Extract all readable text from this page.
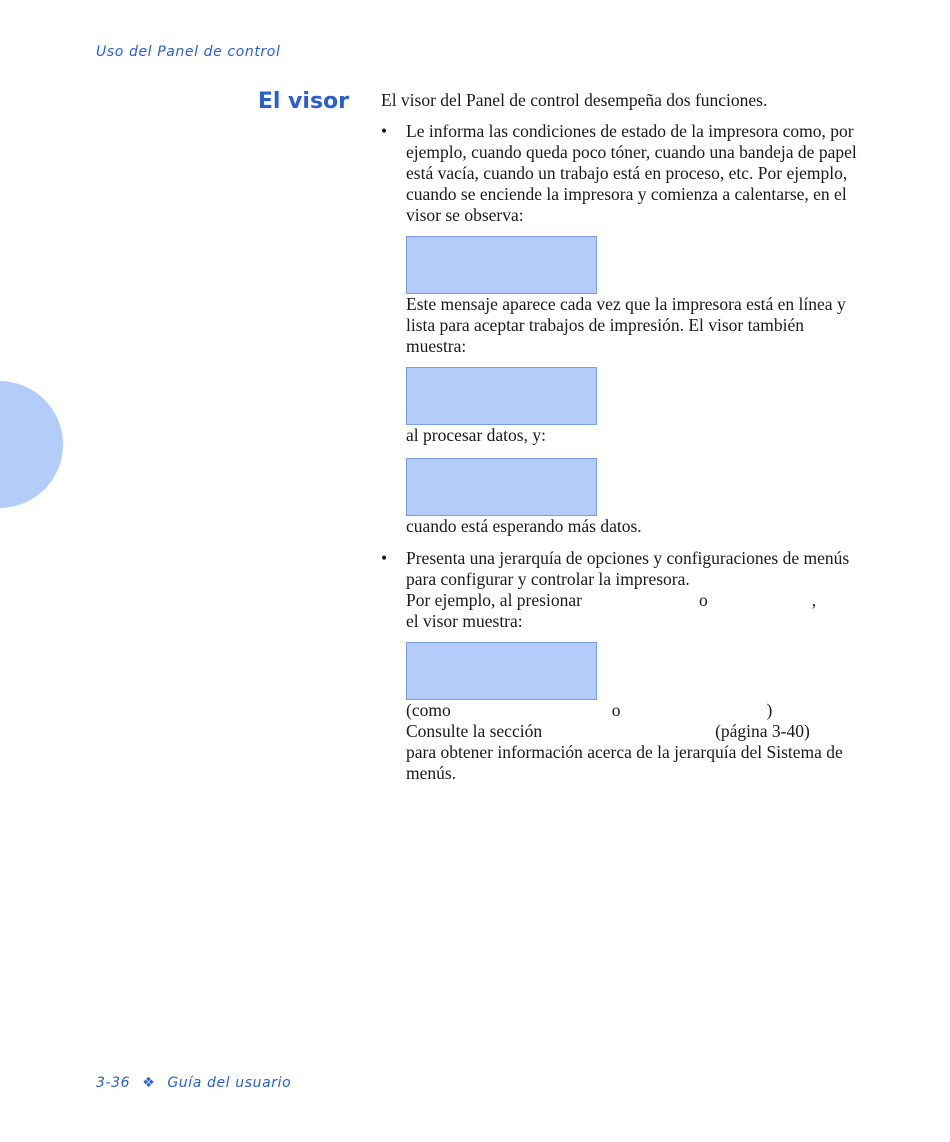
Uso del Panel de control
El visor El visor del Panel de control desempeña dos funciones.

• Le informa las condiciones de estado de la impresora como, por ejemplo, cuando queda poco tóner, cuando una bandeja de papel está vacía, cuando un trabajo está en proceso, etc. Por ejemplo, cuando se enciende la impresora y comienza a calentarse, en el visor se observa:

Este mensaje aparece cada vez que la impresora está en línea y lista para aceptar trabajos de impresión. El visor también muestra:

al procesar datos, y:

cuando está esperando más datos.

• Presenta una jerarquía de opciones y configuraciones de menús para configurar y controlar la impresora.

Por ejemplo, al presionar	o	,
el visor muestra:

(como	o	)

Consulte la sección	(página 3-40)
para obtener información acerca de la jerarquía del Sistema de menús.

3-36 ❖ Guía del usuario
